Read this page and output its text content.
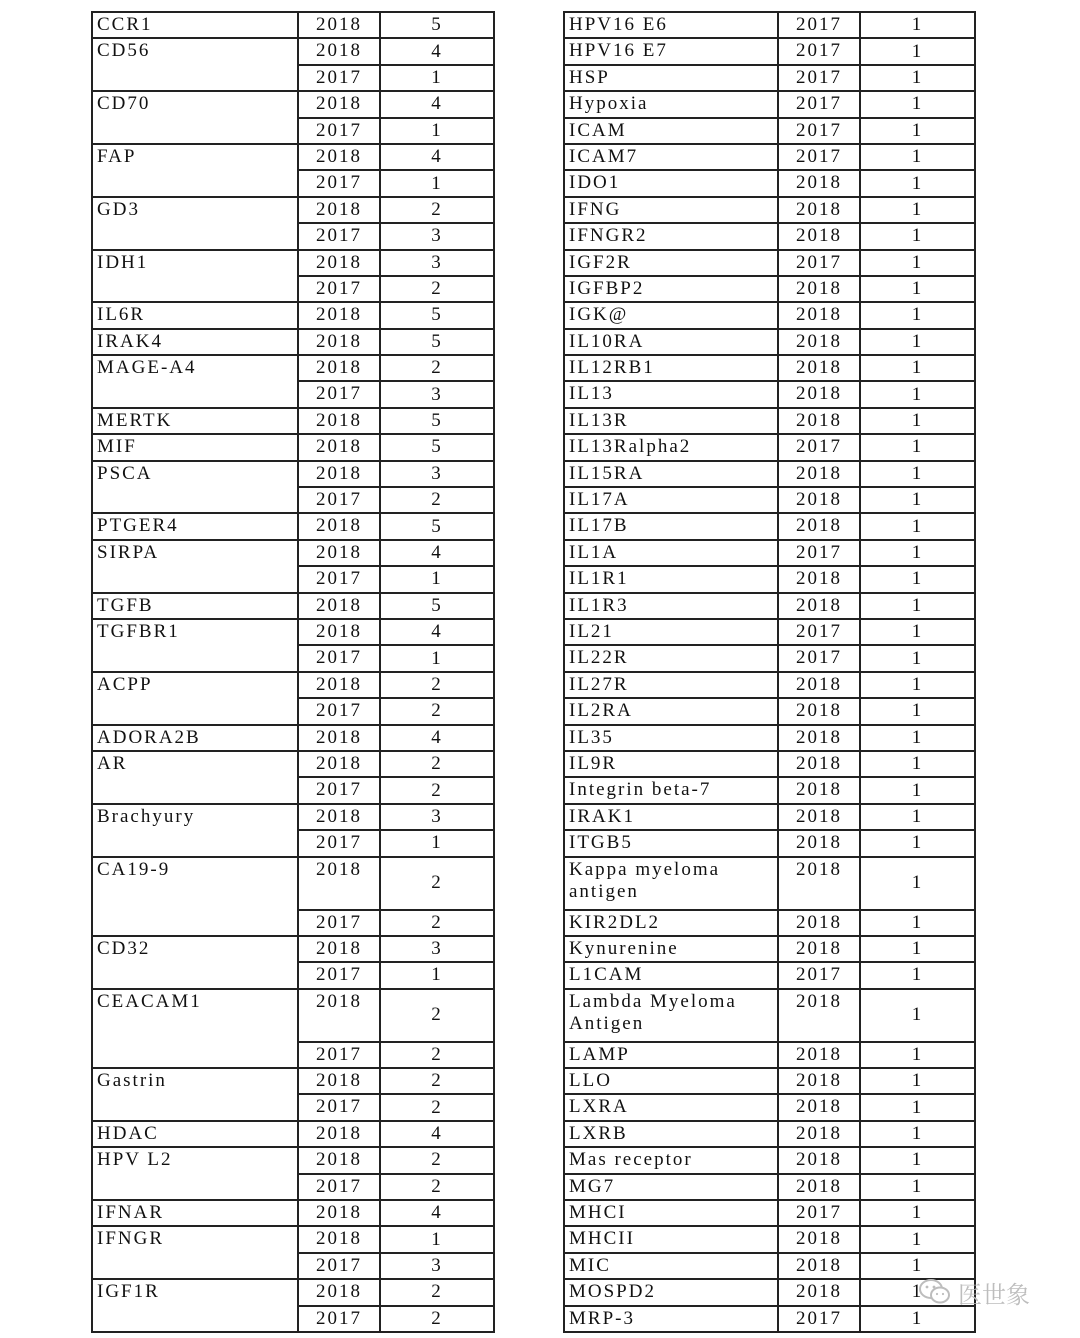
CCR1	2018	5
CD56	2018	4
	2017	1
CD70	2018	4
	2017	1
FAP	2018	4
	2017	1
GD3	2018	2
	2017	3
IDH1	2018	3
	2017	2
IL6R	2018	5
IRAK4	2018	5
MAGE-A4	2018	2
	2017	3
MERTK	2018	5
MIF	2018	5
PSCA	2018	3
	2017	2
PTGER4	2018	5
SIRPA	2018	4
	2017	1
TGFB	2018	5
TGFBR1	2018	4
	2017	1
ACPP	2018	2
	2017	2
ADORA2B	2018	4
AR	2018	2
	2017	2
Brachyury	2018	3
	2017	1
CA19-9	2018	2
	2017	2
CD32	2018	3
	2017	1
CEACAM1	2018	2
	2017	2
Gastrin	2018	2
	2017	2
HDAC	2018	4
HPV L2	2018	2
	2017	2
IFNAR	2018	4
IFNGR	2018	1
	2017	3
IGF1R	2018	2
	2017	2
HPV16 E6	2017	1
HPV16 E7	2017	1
HSP	2017	1
Hypoxia	2017	1
ICAM	2017	1
ICAM7	2017	1
IDO1	2018	1
IFNG	2018	1
IFNGR2	2018	1
IGF2R	2017	1
IGFBP2	2018	1
IGK@	2018	1
IL10RA	2018	1
IL12RB1	2018	1
IL13	2018	1
IL13R	2018	1
IL13Ralpha2	2017	1
IL15RA	2018	1
IL17A	2018	1
IL17B	2018	1
IL1A	2017	1
IL1R1	2018	1
IL1R3	2018	1
IL21	2017	1
IL22R	2017	1
IL27R	2018	1
IL2RA	2018	1
IL35	2018	1
IL9R	2018	1
Integrin beta-7	2018	1
IRAK1	2018	1
ITGB5	2018	1
Kappa myeloma antigen	2018	1
KIR2DL2	2018	1
Kynurenine	2018	1
L1CAM	2017	1
Lambda Myeloma Antigen	2018	1
LAMP	2018	1
LLO	2018	1
LXRA	2018	1
LXRB	2018	1
Mas receptor	2018	1
MG7	2018	1
MHCI	2017	1
MHCII	2018	1
MIC	2018	1
MOSPD2	2018	1
MRP-3	2017	1
医世象
